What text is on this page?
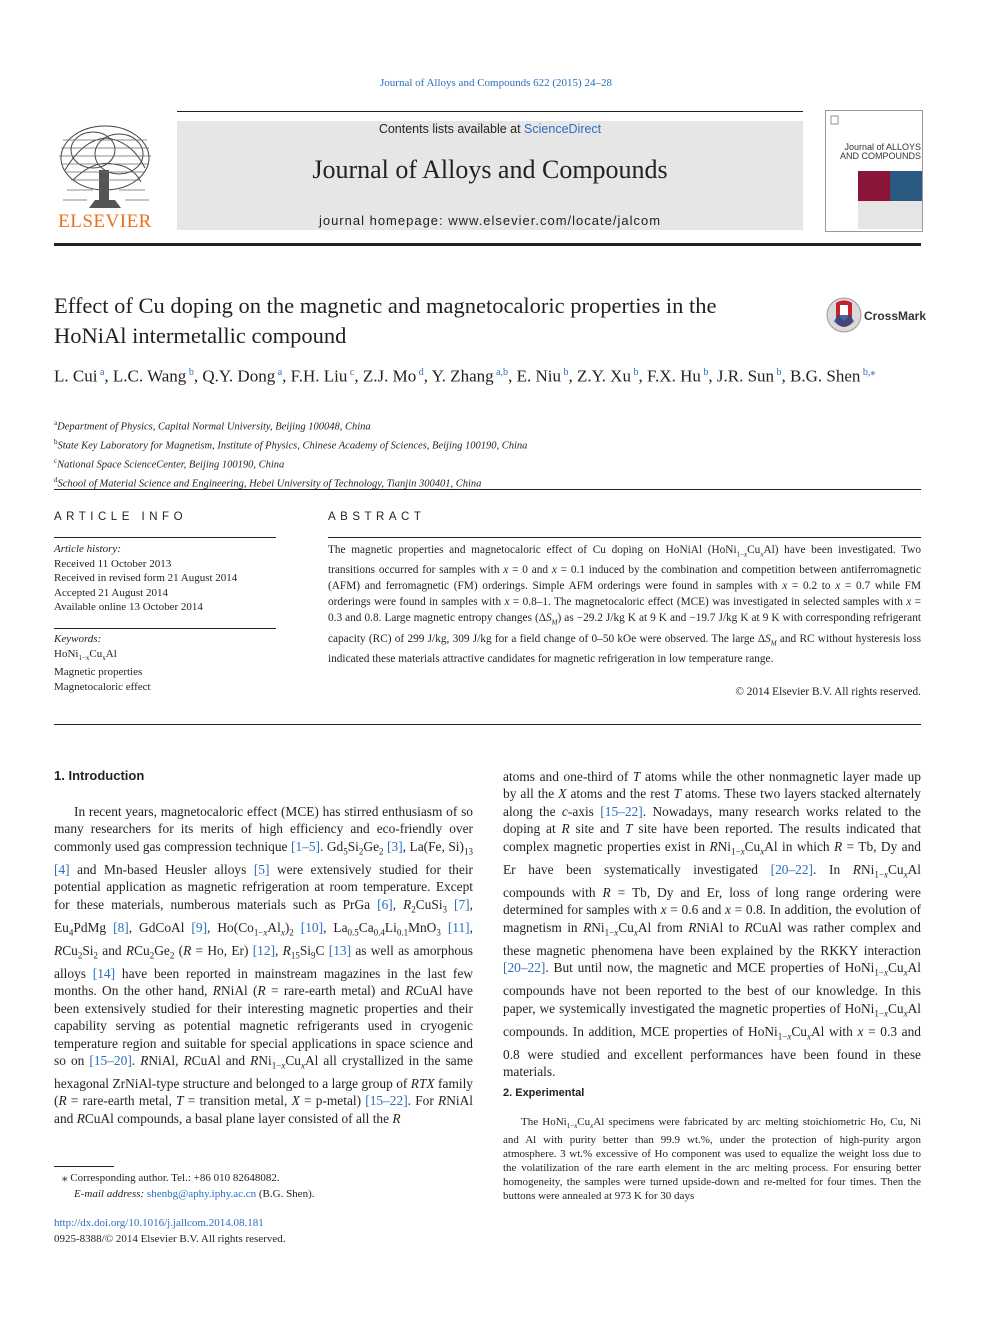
Journal of Alloys and Compounds 622 (2015) 24–28
ELSEVIER
Contents lists available at ScienceDirect
Journal of Alloys and Compounds
journal homepage: www.elsevier.com/locate/jalcom
Journal of ALLOYS AND COMPOUNDS
Effect of Cu doping on the magnetic and magnetocaloric properties in the
HoNiAl intermetallic compound
CrossMark
L. Cui $^a$, L.C. Wang $^b$, Q.Y. Dong $^a$, F.H. Liu $^c$, Z.J. Mo $^d$, Y. Zhang $^{a,b}$, E. Niu $^b$, Z.Y. Xu $^b$, F.X. Hu $^b$, J.R. Sun $^b$, B.G. Shen $^{b,⁎}$
$^a$Department of Physics, Capital Normal University, Beijing 100048, China
$^b$State Key Laboratory for Magnetism, Institute of Physics, Chinese Academy of Sciences, Beijing 100190, China
$^c$National Space ScienceCenter, Beijing 100190, China
$^d$School of Material Science and Engineering, Hebei University of Technology, Tianjin 300401, China
ARTICLE INFO
Article history:
Received 11 October 2013
Received in revised form 21 August 2014
Accepted 21 August 2014
Available online 13 October 2014
Keywords:
$HoNi_{1-x}Cu_xAl$
Magnetic properties
Magnetocaloric effect
ABSTRACT
The magnetic properties and magnetocaloric effect of Cu doping on HoNiAl $(HoNi_{1-x}Cu_xAl)$ have been investigated. Two transitions occurred for samples with x = 0 and x = 0.1 induced by the combination and competition between antiferromagnetic (AFM) and ferromagnetic (FM) orderings. Simple AFM orderings were found in samples with x = 0.2 to x = 0.7 while FM orderings were found in samples with x = 0.8–1. The magnetocaloric effect (MCE) was investigated in selected samples with x = 0.3 and 0.8. Large magnetic entropy changes $(\Delta S_M)$ as −29.2 J/kg K at 9 K and −19.7 J/kg K at 9 K with corresponding refrigerant capacity (RC) of 299 J/kg, 309 J/kg for a field change of 0–50 kOe were observed. The large $\Delta S_M$ and RC without hysteresis loss indicated these materials attractive candidates for magnetic refrigeration in low temperature range.
© 2014 Elsevier B.V. All rights reserved.
1. Introduction
In recent years, magnetocaloric effect (MCE) has stirred enthusiasm of so many researchers for its merits of high efficiency and eco-friendly over commonly used gas compression technique [1–5]. $Gd_5Si_2Ge_2$ [3], La(Fe, $Si)_{13}$ [4] and Mn-based Heusler alloys [5] were extensively studied for their potential application as magnetic refrigeration at room temperature. Except for these materials, numberous materials such as PrGa [6], $R_2CuSi_3$ [7], $Eu_4PdMg$ [8], GdCoAl [9], $Ho(Co_{1-x}Al_x)_2$ [10], $La_{0.5}Ca_{0.4}Li_{0.1}MnO_3$ [11], $RCu_2Si_2$ and $RCu_2Ge_2$ (R = Ho, Er) [12], $R_{15}Si_9C$ [13] as well as amorphous alloys [14] have been reported in mainstream magazines in the last few months. On the other hand, RNiAl (R = rare-earth metal) and RCuAl have been extensively studied for their interesting magnetic properties and their capability serving as potential magnetic refrigerants used in cryogenic temperature region and suitable for special applications in space science and so on [15–20]. RNiAl, RCuAl and $RNi_{1-x}Cu_xAl$ all crystallized in the same hexagonal ZrNiAl-type structure and belonged to a large group of RTX family (R = rare-earth metal, T = transition metal, X = p-metal) [15–22]. For RNiAl and RCuAl compounds, a basal plane layer consisted of all the R
atoms and one-third of T atoms while the other nonmagnetic layer made up by all the X atoms and the rest T atoms. These two layers stacked alternately along the c-axis [15–22]. Nowadays, many research works related to the doping at R site and T site have been reported. The results indicated that complex magnetic properties exist in $RNi_{1-x}Cu_xAl$ in which R = Tb, Dy and Er have been systematically investigated [20–22]. In $RNi_{1-x}Cu_xAl$ compounds with R = Tb, Dy and Er, loss of long range ordering were determined for samples with x = 0.6 and x = 0.8. In addition, the evolution of magnetism in $RNi_{1-x}Cu_xAl$ from RNiAl to RCuAl was rather complex and these magnetic phenomena have been explained by the RKKY interaction [20–22]. But until now, the magnetic and MCE properties of $HoNi_{1-x}Cu_xAl$ compounds have not been reported to the best of our knowledge. In this paper, we systemically investigated the magnetic properties of $HoNi_{1-x}Cu_xAl$ compounds. In addition, MCE properties of $HoNi_{1-x}Cu_xAl$ with x = 0.3 and 0.8 were studied and excellent performances have been found in these materials.
2. Experimental
The $HoNi_{1-x}Cu_xAl$ specimens were fabricated by arc melting stoichiometric Ho, Cu, Ni and Al with purity better than 99.9 wt.%, under the protection of high-purity argon atmosphere. 3 wt.% excessive of Ho component was used to equalize the weight loss due to the volatilization of the rare earth element in the arc melting process. For ensuring better homogeneity, the samples were turned upside-down and re-melted for four times. Then the buttons were annealed at 973 K for 30 days
⁎ Corresponding author. Tel.: +86 010 82648082.
E-mail address: shenbg@aphy.iphy.ac.cn (B.G. Shen).
http://dx.doi.org/10.1016/j.jallcom.2014.08.181
0925-8388/© 2014 Elsevier B.V. All rights reserved.
